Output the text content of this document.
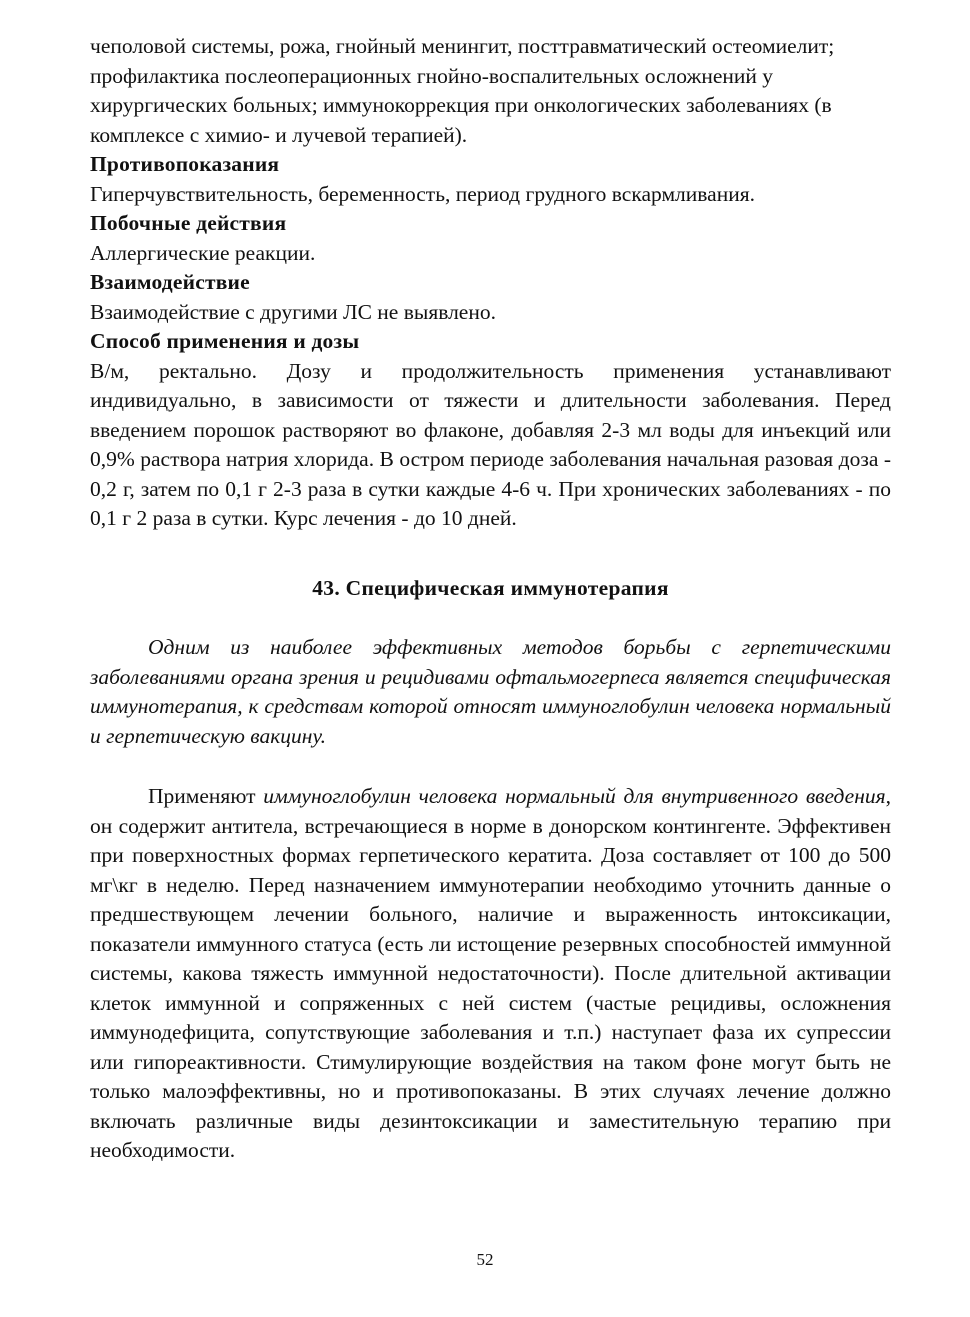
чеполовой системы, рожа, гнойный менингит, посттравматический остеомиелит; профилактика послеоперационных гнойно-воспалительных осложнений у хирургических больных; иммунокоррекция при онкологических заболеваниях (в комплексе с химио- и лучевой терапией).

Противопоказания

Гиперчувствительность, беременность, период грудного вскармливания.

Побочные действия

Аллергические реакции.

Взаимодействие

Взаимодействие с другими ЛС не выявлено.

Способ применения и дозы

В/м, ректально. Дозу и продолжительность применения устанавливают индивидуально, в зависимости от тяжести и длительности заболевания. Перед введением порошок растворяют во флаконе, добавляя 2-3 мл воды для инъекций или 0,9% раствора натрия хлорида. В остром периоде заболевания начальная разовая доза - 0,2 г, затем по 0,1 г 2-3 раза в сутки каждые 4-6 ч. При хронических заболеваниях - по 0,1 г 2 раза в сутки. Курс лечения - до 10 дней.

43. Специфическая иммунотерапия

Одним из наиболее эффективных методов борьбы с герпетическими заболеваниями органа зрения и рецидивами офтальмогерпеса является специфическая иммунотерапия, к средствам которой относят иммуноглобулин человека нормальный и герпетическую вакцину.

Применяют иммуноглобулин человека нормальный для внутривенного введения, он содержит антитела, встречающиеся в норме в донорском контингенте. Эффективен при поверхностных формах герпетического кератита. Доза составляет от 100 до 500 мг\кг в неделю. Перед назначением иммунотерапии необходимо уточнить данные о предшествующем лечении больного, наличие и выраженность интоксикации, показатели иммунного статуса (есть ли истощение резервных способностей иммунной системы, какова тяжесть иммунной недостаточности). После длительной активации клеток иммунной и сопряженных с ней систем (частые рецидивы, осложнения иммунодефицита, сопутствующие заболевания и т.п.) наступает фаза их супрессии или гипореактивности. Стимулирующие воздействия на таком фоне могут быть не только малоэффективны, но и противопоказаны. В этих случаях лечение должно включать различные виды дезинтоксикации и заместительную терапию при необходимости.

52
